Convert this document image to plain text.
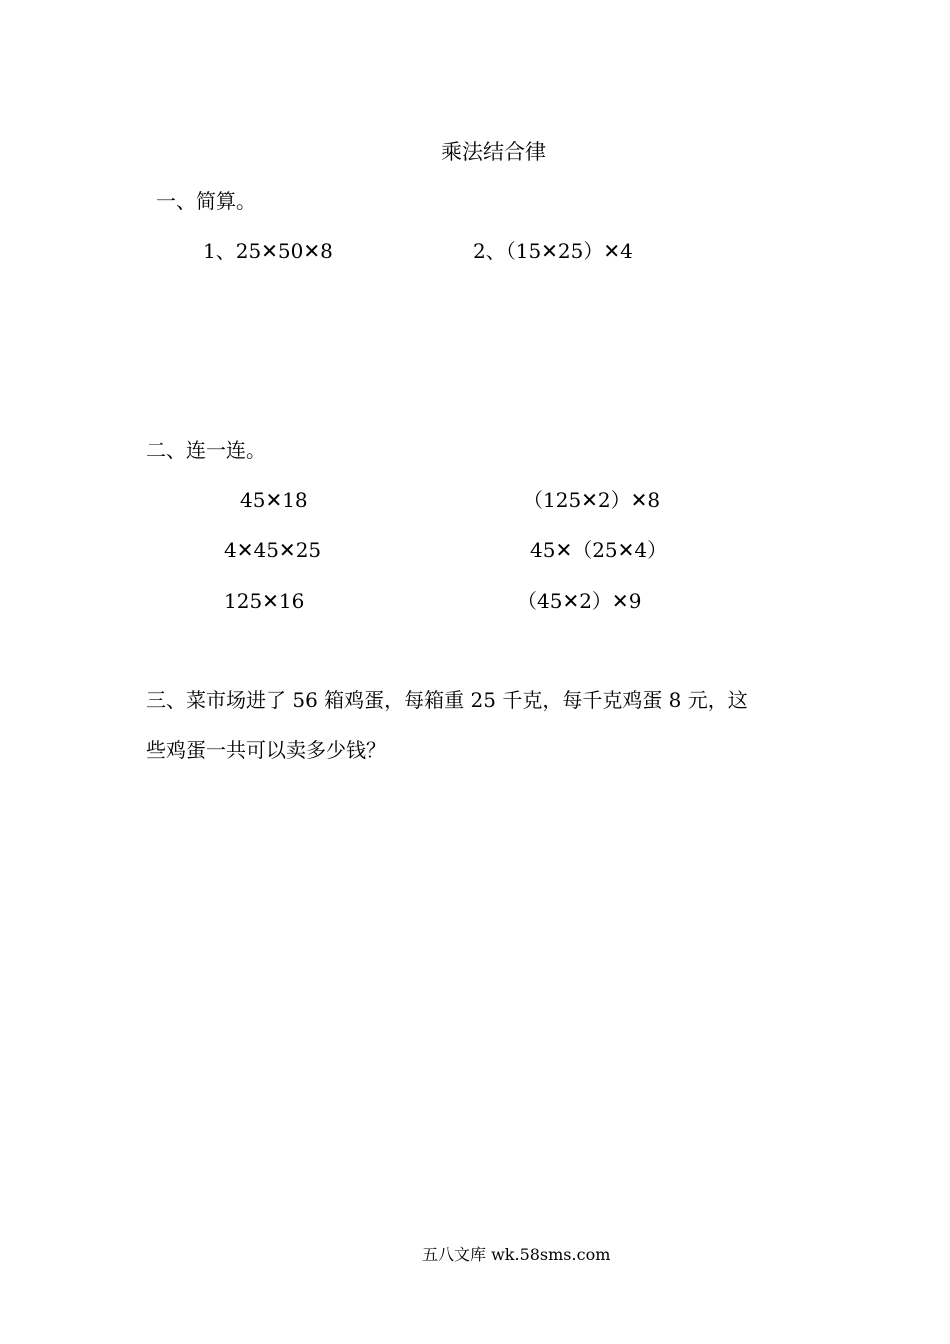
乘法结合律
一、简算。
1、25✕50✕8	2、（15✕25）✕4
二、连一连。
45✕18
4✕45✕25
125✕16
（125✕2）✕8
45✕（25✕4）
（45✕2）✕9
三、菜市场进了 56 箱鸡蛋，每箱重 25 千克，每千克鸡蛋 8 元，这
些鸡蛋一共可以卖多少钱？
五八文库 wk.58sms.com
